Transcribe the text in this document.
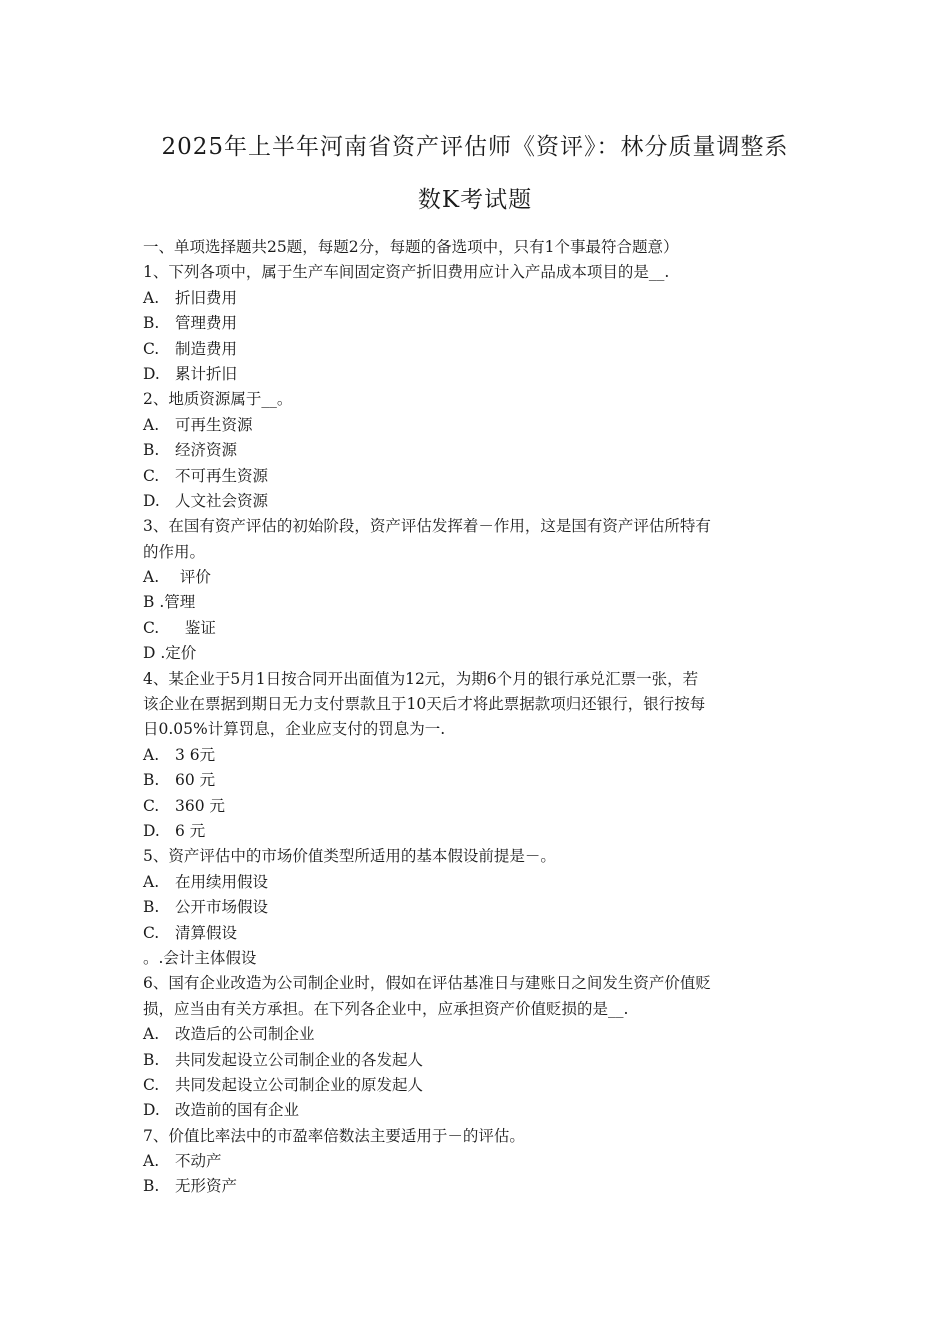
2025年上半年河南省资产评估师《资评》：林分质量调整系
数K考试题
一、单项选择题共25题，每题2分，每题的备选项中，只有1个事最符合题意）
1、下列各项中，属于生产车间固定资产折旧费用应计入产品成本项目的是__.
A. 折旧费用
B. 管理费用
C. 制造费用
D. 累计折旧
2、地质资源属于__。
A. 可再生资源
B. 经济资源
C. 不可再生资源
D. 人文社会资源
3、在国有资产评估的初始阶段，资产评估发挥着－作用，这是国有资产评估所特有
的作用。
A. 评价
B .管理
C.  鉴证
D .定价
4、某企业于5月1日按合同开出面值为12元，为期6个月的银行承兑汇票一张，若
该企业在票据到期日无力支付票款且于10天后才将此票据款项归还银行，银行按每
日0.05%计算罚息，企业应支付的罚息为一.
A. 3 6元
B. 60 元
C. 360 元
D. 6 元
5、资产评估中的市场价值类型所适用的基本假设前提是－。
A. 在用续用假设
B. 公开市场假设
C. 清算假设
。.会计主体假设
6、国有企业改造为公司制企业时，假如在评估基准日与建账日之间发生资产价值贬
损，应当由有关方承担。在下列各企业中，应承担资产价值贬损的是__.
A. 改造后的公司制企业
B. 共同发起设立公司制企业的各发起人
C. 共同发起设立公司制企业的原发起人
D. 改造前的国有企业
7、价值比率法中的市盈率倍数法主要适用于－的评估。
A. 不动产
B. 无形资产
